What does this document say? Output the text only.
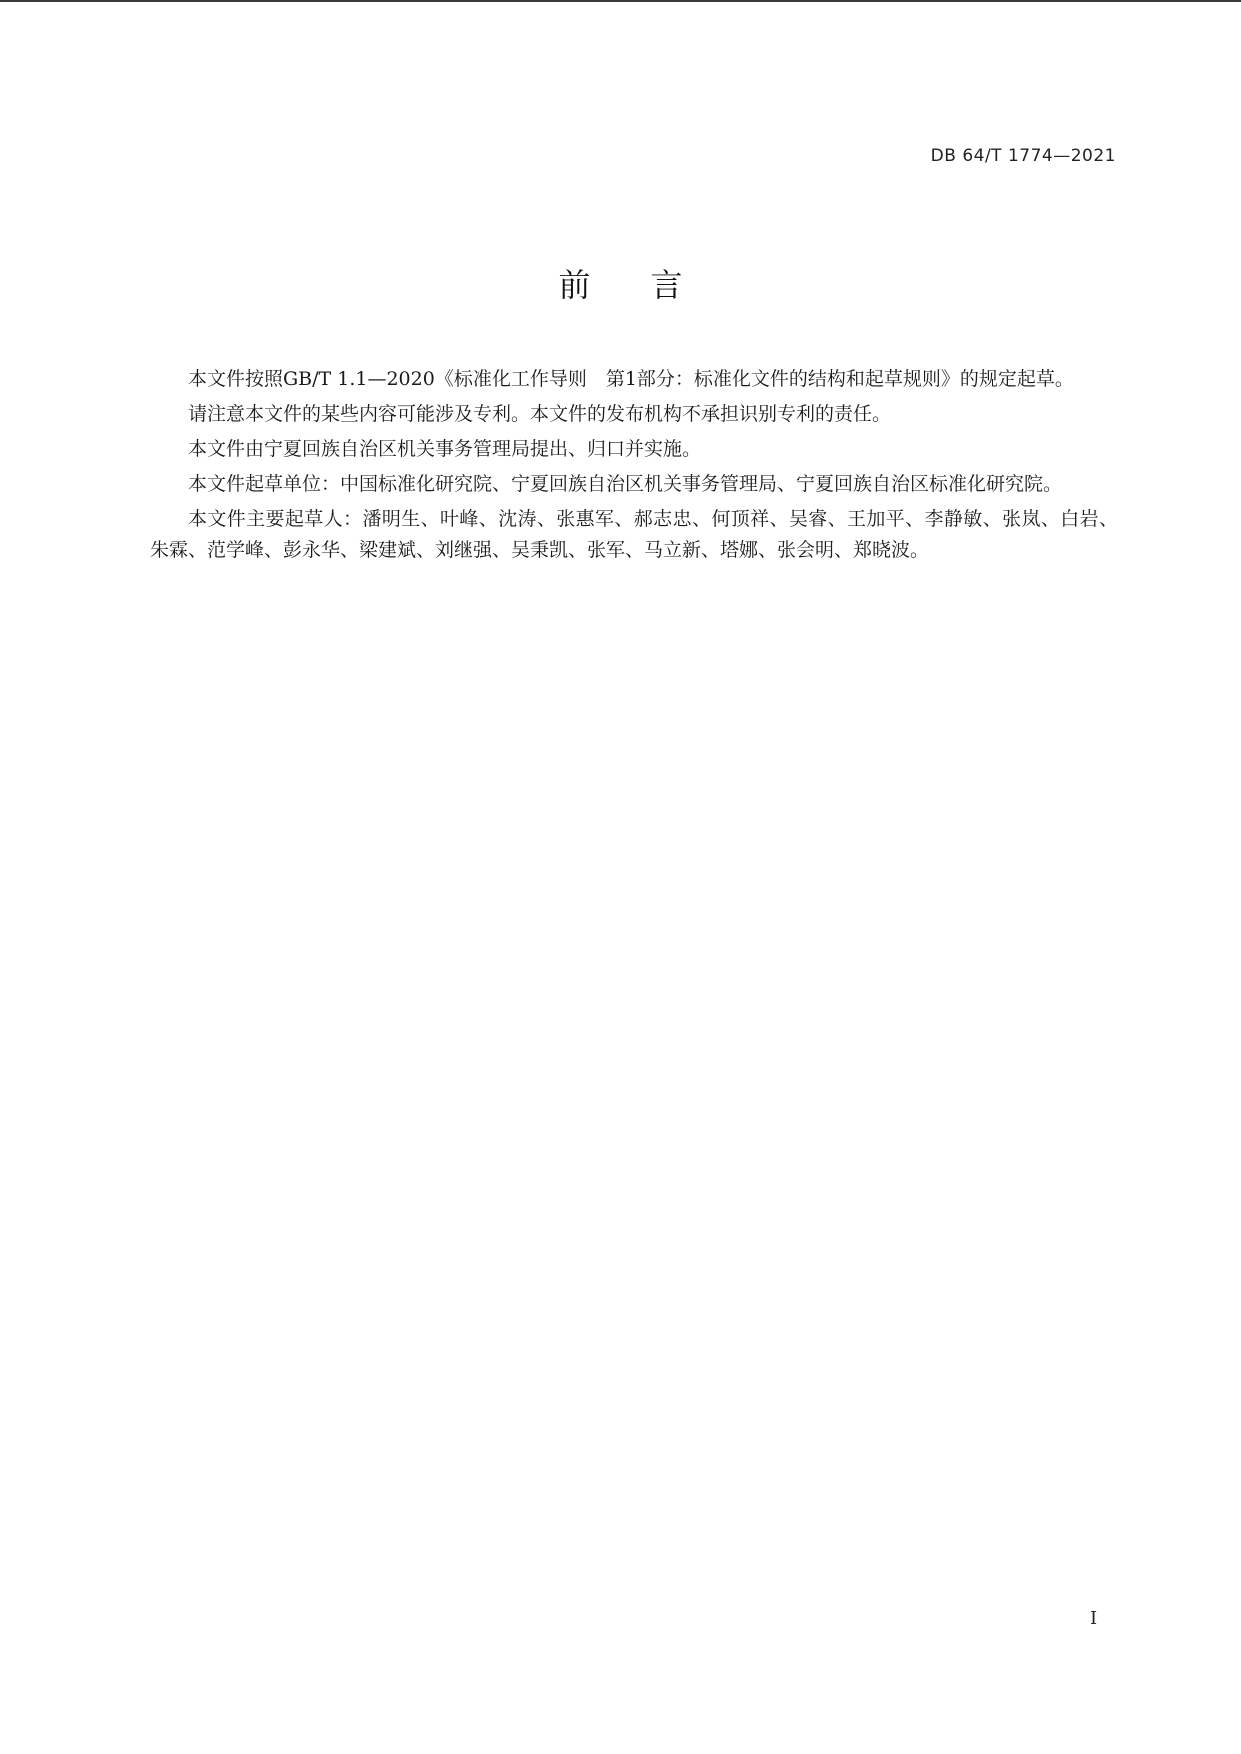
DB 64/T 1774—2021
前言

本文件按照GB/T 1.1—2020《标准化工作导则　第1部分：标准化文件的结构和起草规则》的规定起草。

请注意本文件的某些内容可能涉及专利。本文件的发布机构不承担识别专利的责任。

本文件由宁夏回族自治区机关事务管理局提出、归口并实施。

本文件起草单位：中国标准化研究院、宁夏回族自治区机关事务管理局、宁夏回族自治区标准化研究院。

本文件主要起草人：潘明生、叶峰、沈涛、张惠军、郝志忠、何顶祥、吴睿、王加平、李静敏、张岚、白岩、朱霖、范学峰、彭永华、梁建斌、刘继强、吴秉凯、张军、马立新、塔娜、张会明、郑晓波。

I
